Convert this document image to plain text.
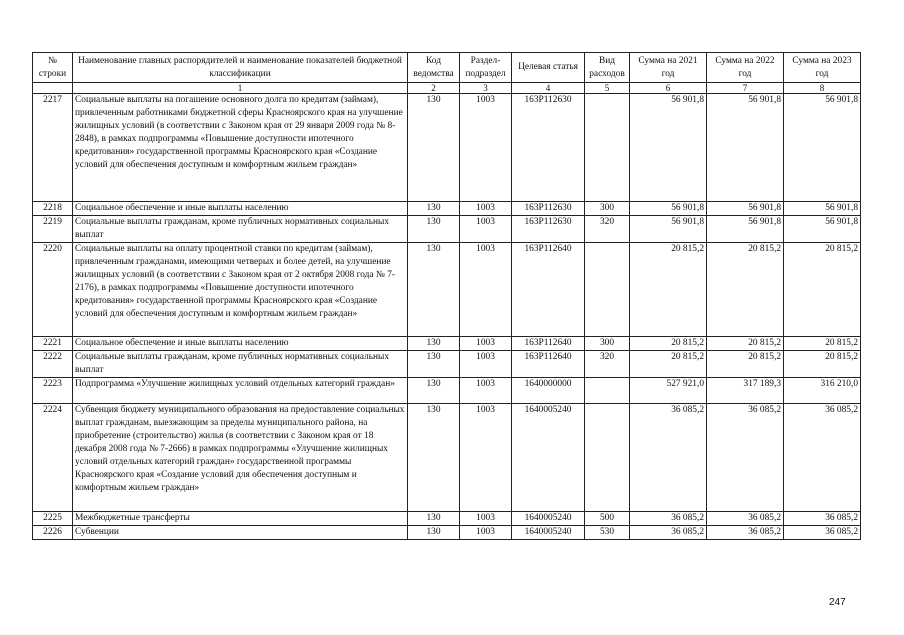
№ строки	Наименование главных распорядителей и наименование показателей бюджетной классификации	Код ведомства	Раздел-подраздел	Целевая статья	Вид расходов	Сумма на 2021 год	Сумма на 2022 год	Сумма на 2023 год
	1	2	3	4	5	6	7	8
2217	Социальные выплаты на погашение основного долга по кредитам (займам), привлеченным работниками бюджетной сферы Красноярского края на улучшение жилищных условий (в соответствии с Законом края от 29 января 2009 года № 8-2848), в рамках подпрограммы «Повышение доступности ипотечного кредитования» государственной программы Красноярского края «Создание условий для обеспечения доступным и комфортным жильем граждан»	130	1003	163P112630		56 901,8	56 901,8	56 901,8
2218	Социальное обеспечение и иные выплаты населению	130	1003	163P112630	300	56 901,8	56 901,8	56 901,8
2219	Социальные выплаты гражданам, кроме публичных нормативных социальных выплат	130	1003	163P112630	320	56 901,8	56 901,8	56 901,8
2220	Социальные выплаты на оплату процентной ставки по кредитам (займам), привлеченным гражданами, имеющими четверых и более детей, на улучшение жилищных условий (в соответствии с Законом края от 2 октября 2008 года № 7-2176), в рамках подпрограммы «Повышение доступности ипотечного кредитования» государственной программы Красноярского края «Создание условий для обеспечения доступным и комфортным жильем граждан»	130	1003	163P112640		20 815,2	20 815,2	20 815,2
2221	Социальное обеспечение и иные выплаты населению	130	1003	163P112640	300	20 815,2	20 815,2	20 815,2
2222	Социальные выплаты гражданам, кроме публичных нормативных социальных выплат	130	1003	163P112640	320	20 815,2	20 815,2	20 815,2
2223	Подпрограмма «Улучшение жилищных условий отдельных категорий граждан»	130	1003	1640000000		527 921,0	317 189,3	316 210,0
2224	Субвенция бюджету муниципального образования на предоставление социальных выплат гражданам, выезжающим за пределы муниципального района, на приобретение (строительство) жилья (в соответствии с Законом края от 18 декабря 2008 года № 7-2666) в рамках подпрограммы «Улучшение жилищных условий отдельных категорий граждан» государственной программы Красноярского края «Создание условий для обеспечения доступным и комфортным жильем граждан»	130	1003	1640005240		36 085,2	36 085,2	36 085,2
2225	Межбюджетные трансферты	130	1003	1640005240	500	36 085,2	36 085,2	36 085,2
2226	Субвенции	130	1003	1640005240	530	36 085,2	36 085,2	36 085,2
247
